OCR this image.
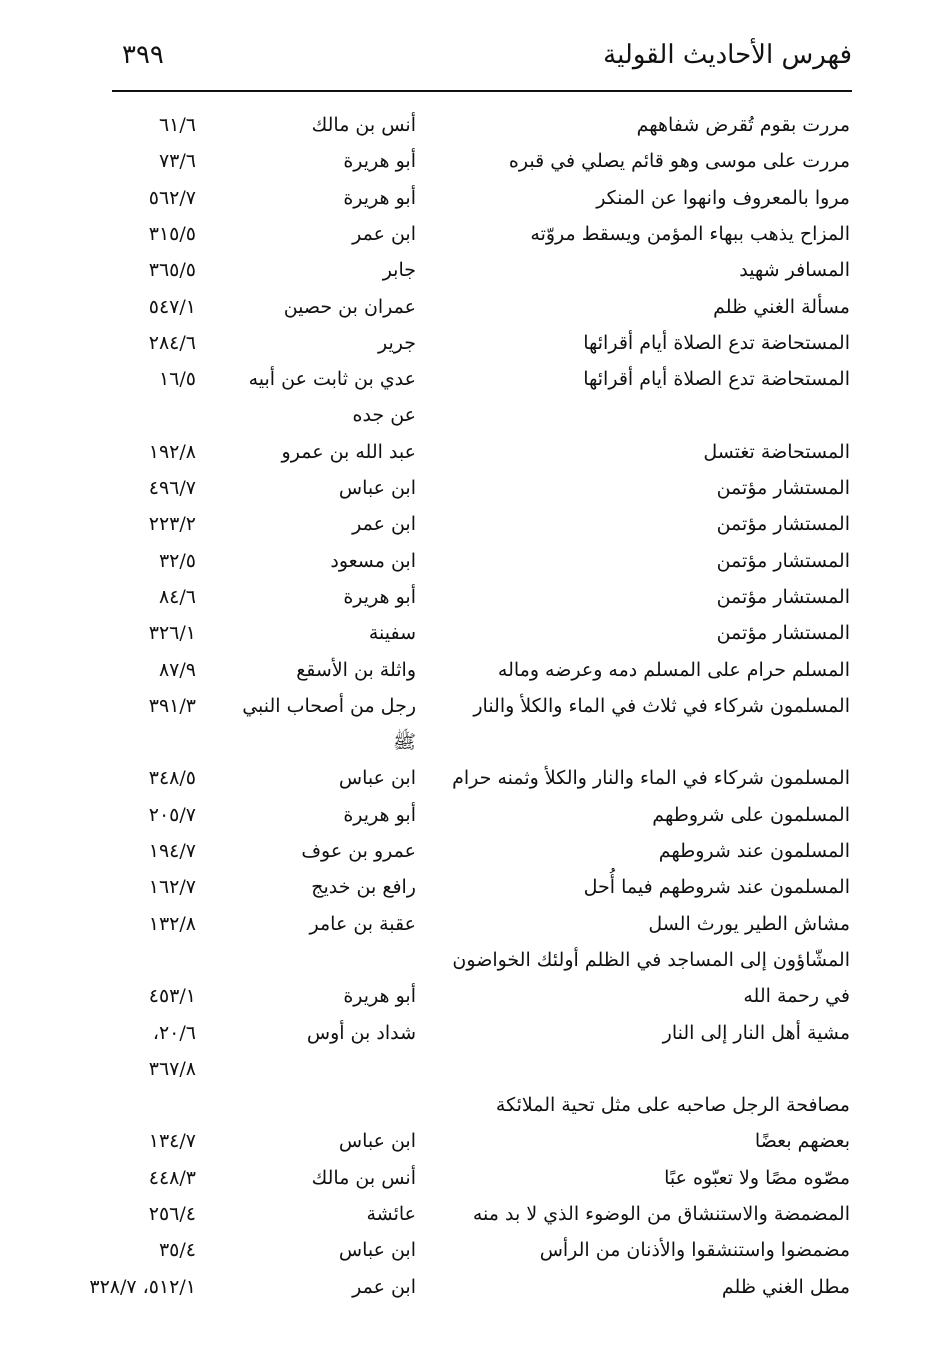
فهرس الأحاديث القولية
٣٩٩
مررت بقوم تُقرض شفاههم
أنس بن مالك
٦١/٦
مررت على موسى وهو قائم يصلي في قبره
أبو هريرة
٧٣/٦
مروا بالمعروف وانهوا عن المنكر
أبو هريرة
٥٦٢/٧
المزاح يذهب ببهاء المؤمن ويسقط مروّته
ابن عمر
٣١٥/٥
المسافر شهيد
جابر
٣٦٥/٥
مسألة الغني ظلم
عمران بن حصين
٥٤٧/١
المستحاضة تدع الصلاة أيام أقرائها
جرير
٢٨٤/٦
المستحاضة تدع الصلاة أيام أقرائها
عدي بن ثابت عن أبيه
١٦/٥
عن جده
المستحاضة تغتسل
عبد الله بن عمرو
١٩٢/٨
المستشار مؤتمن
ابن عباس
٤٩٦/٧
المستشار مؤتمن
ابن عمر
٢٢٣/٢
المستشار مؤتمن
ابن مسعود
٣٢/٥
المستشار مؤتمن
أبو هريرة
٨٤/٦
المستشار مؤتمن
سفينة
٣٢٦/١
المسلم حرام على المسلم دمه وعرضه وماله
واثلة بن الأسقع
٨٧/٩
المسلمون شركاء في ثلاث في الماء والكلأ والنار
رجل من أصحاب النبي
٣٩١/٣
ﷺ
المسلمون شركاء في الماء والنار والكلأ وثمنه حرام
ابن عباس
٣٤٨/٥
المسلمون على شروطهم
أبو هريرة
٢٠٥/٧
المسلمون عند شروطهم
عمرو بن عوف
١٩٤/٧
المسلمون عند شروطهم فيما أُحل
رافع بن خديج
١٦٢/٧
مشاش الطير يورث السل
عقبة بن عامر
١٣٢/٨
المشّاؤون إلى المساجد في الظلم أولئك الخواضون
في رحمة الله
أبو هريرة
٤٥٣/١
مشية أهل النار إلى النار
شداد بن أوس
٢٠/٦،
٣٦٧/٨
مصافحة الرجل صاحبه على مثل تحية الملائكة
بعضهم بعضًا
ابن عباس
١٣٤/٧
مصّوه مصًا ولا تعبّوه عبًا
أنس بن مالك
٤٤٨/٣
المضمضة والاستنشاق من الوضوء الذي لا بد منه
عائشة
٢٥٦/٤
مضمضوا واستنشقوا والأذنان من الرأس
ابن عباس
٣٥/٤
مطل الغني ظلم
ابن عمر
٥١٢/١، ٣٢٨/٧
